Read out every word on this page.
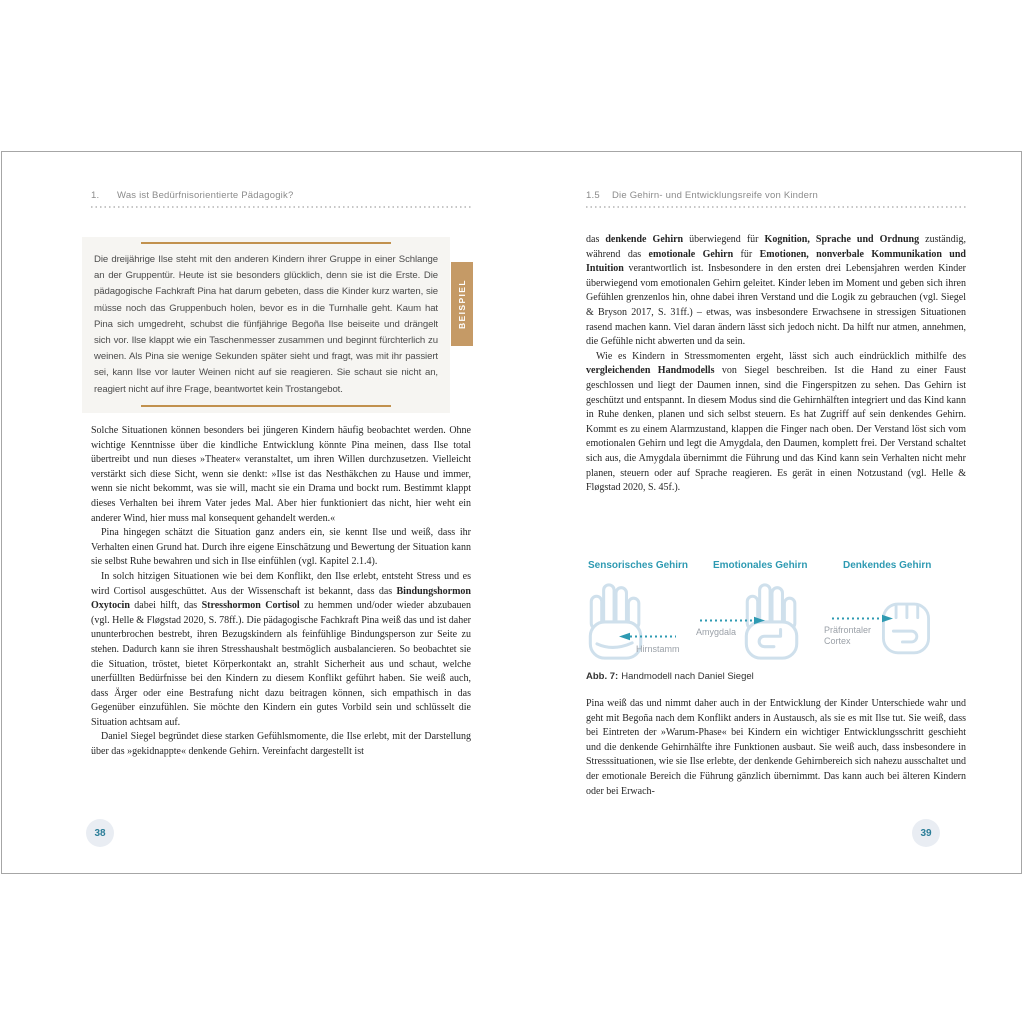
1.	Was ist Bedürfnisorientierte Pädagogik?
Die dreijährige Ilse steht mit den anderen Kindern ihrer Gruppe in einer Schlange an der Gruppentür. Heute ist sie besonders glücklich, denn sie ist die Erste. Die pädagogische Fachkraft Pina hat darum gebeten, dass die Kinder kurz warten, sie müsse noch das Gruppenbuch holen, bevor es in die Turnhalle geht. Kaum hat Pina sich umgedreht, schubst die fünfjährige Begoña Ilse beiseite und drängelt sich vor. Ilse klappt wie ein Taschenmesser zusammen und beginnt fürchterlich zu weinen. Als Pina sie wenige Sekunden später sieht und fragt, was mit ihr passiert sei, kann Ilse vor lauter Weinen nicht auf sie reagieren. Sie schaut sie nicht an, reagiert nicht auf ihre Frage, beantwortet kein Trostangebot.
BEISPIEL

Solche Situationen können besonders bei jüngeren Kindern häufig beobachtet werden. Ohne wichtige Kenntnisse über die kindliche Entwicklung könnte Pina meinen, dass Ilse total übertreibt und nun dieses »Theater« veranstaltet, um ihren Willen durchzusetzen. Vielleicht verstärkt sich diese Sicht, wenn sie denkt: »Ilse ist das Nesthäkchen zu Hause und immer, wenn sie nicht bekommt, was sie will, macht sie ein Drama und bockt rum. Bestimmt klappt dieses Verhalten bei ihrem Vater jedes Mal. Aber hier funktioniert das nicht, hier weht ein anderer Wind, hier muss mal konsequent gehandelt werden.«

Pina hingegen schätzt die Situation ganz anders ein, sie kennt Ilse und weiß, dass ihr Verhalten einen Grund hat. Durch ihre eigene Einschätzung und Bewertung der Situation kann sie selbst Ruhe bewahren und sich in Ilse einfühlen (vgl. Kapitel 2.1.4).

In solch hitzigen Situationen wie bei dem Konflikt, den Ilse erlebt, entsteht Stress und es wird Cortisol ausgeschüttet. Aus der Wissenschaft ist bekannt, dass das Bindungshormon Oxytocin dabei hilft, das Stresshormon Cortisol zu hemmen und/oder wieder abzubauen (vgl. Helle & Fløgstad 2020, S. 78ff.). Die pädagogische Fachkraft Pina weiß das und ist daher ununterbrochen bestrebt, ihren Bezugskindern als feinfühlige Bindungsperson zur Seite zu stehen. Dadurch kann sie ihren Stresshaushalt bestmöglich ausbalancieren. So beobachtet sie die Situation, tröstet, bietet Körperkontakt an, strahlt Sicherheit aus und schaut, welche unerfüllten Bedürfnisse bei den Kindern zu diesem Konflikt geführt haben. Sie weiß auch, dass Ärger oder eine Bestrafung nicht dazu beitragen können, sich empathisch in das Gegenüber einzufühlen. Sie möchte den Kindern ein gutes Vorbild sein und schlüsselt die Situation achtsam auf.

Daniel Siegel begründet diese starken Gefühlsmomente, die Ilse erlebt, mit der Darstellung über das »gekidnappte« denkende Gehirn. Vereinfacht dargestellt ist

1.5	Die Gehirn- und Entwicklungsreife von Kindern

das denkende Gehirn überwiegend für Kognition, Sprache und Ordnung zuständig, während das emotionale Gehirn für Emotionen, nonverbale Kommunikation und Intuition verantwortlich ist. Insbesondere in den ersten drei Lebensjahren werden Kinder überwiegend vom emotionalen Gehirn geleitet. Kinder leben im Moment und geben sich ihren Gefühlen grenzenlos hin, ohne dabei ihren Verstand und die Logik zu gebrauchen (vgl. Siegel & Bryson 2017, S. 31ff.) – etwas, was insbesondere Erwachsene in stressigen Situationen rasend machen kann. Viel daran ändern lässt sich jedoch nicht. Da hilft nur atmen, annehmen, die Gefühle nicht abwerten und da sein.

Wie es Kindern in Stressmomenten ergeht, lässt sich auch eindrücklich mithilfe des vergleichenden Handmodells von Siegel beschreiben. Ist die Hand zu einer Faust geschlossen und liegt der Daumen innen, sind die Fingerspitzen zu sehen. Das Gehirn ist geschützt und entspannt. In diesem Modus sind die Gehirnhälften integriert und das Kind kann in Ruhe denken, planen und sich selbst steuern. Es hat Zugriff auf sein denkendes Gehirn. Kommt es zu einem Alarmzustand, klappen die Finger nach oben. Der Verstand löst sich vom emotionalen Gehirn und legt die Amygdala, den Daumen, komplett frei. Der Verstand schaltet sich aus, die Amygdala übernimmt die Führung und das Kind kann sein Verhalten nicht mehr planen, steuern oder auf Sprache reagieren. Es gerät in einen Notzustand (vgl. Helle & Fløgstad 2020, S. 45f.).

Sensorisches Gehirn Emotionales Gehirn	Denkendes Gehirn
Hirnstamm
Amygdala	Präfrontaler Cortex
Abb. 7: Handmodell nach Daniel Siegel

Pina weiß das und nimmt daher auch in der Entwicklung der Kinder Unterschiede wahr und geht mit Begoña nach dem Konflikt anders in Austausch, als sie es mit Ilse tut. Sie weiß, dass bei Eintreten der »Warum-Phase« bei Kindern ein wichtiger Entwicklungsschritt geschieht und die denkende Gehirnhälfte ihre Funktionen ausbaut. Sie weiß auch, dass insbesondere in Stresssituationen, wie sie Ilse erlebte, der denkende Gehirnbereich sich nahezu ausschaltet und der emotionale Bereich die Führung gänzlich übernimmt. Das kann auch bei älteren Kindern oder bei Erwach-

38	39
